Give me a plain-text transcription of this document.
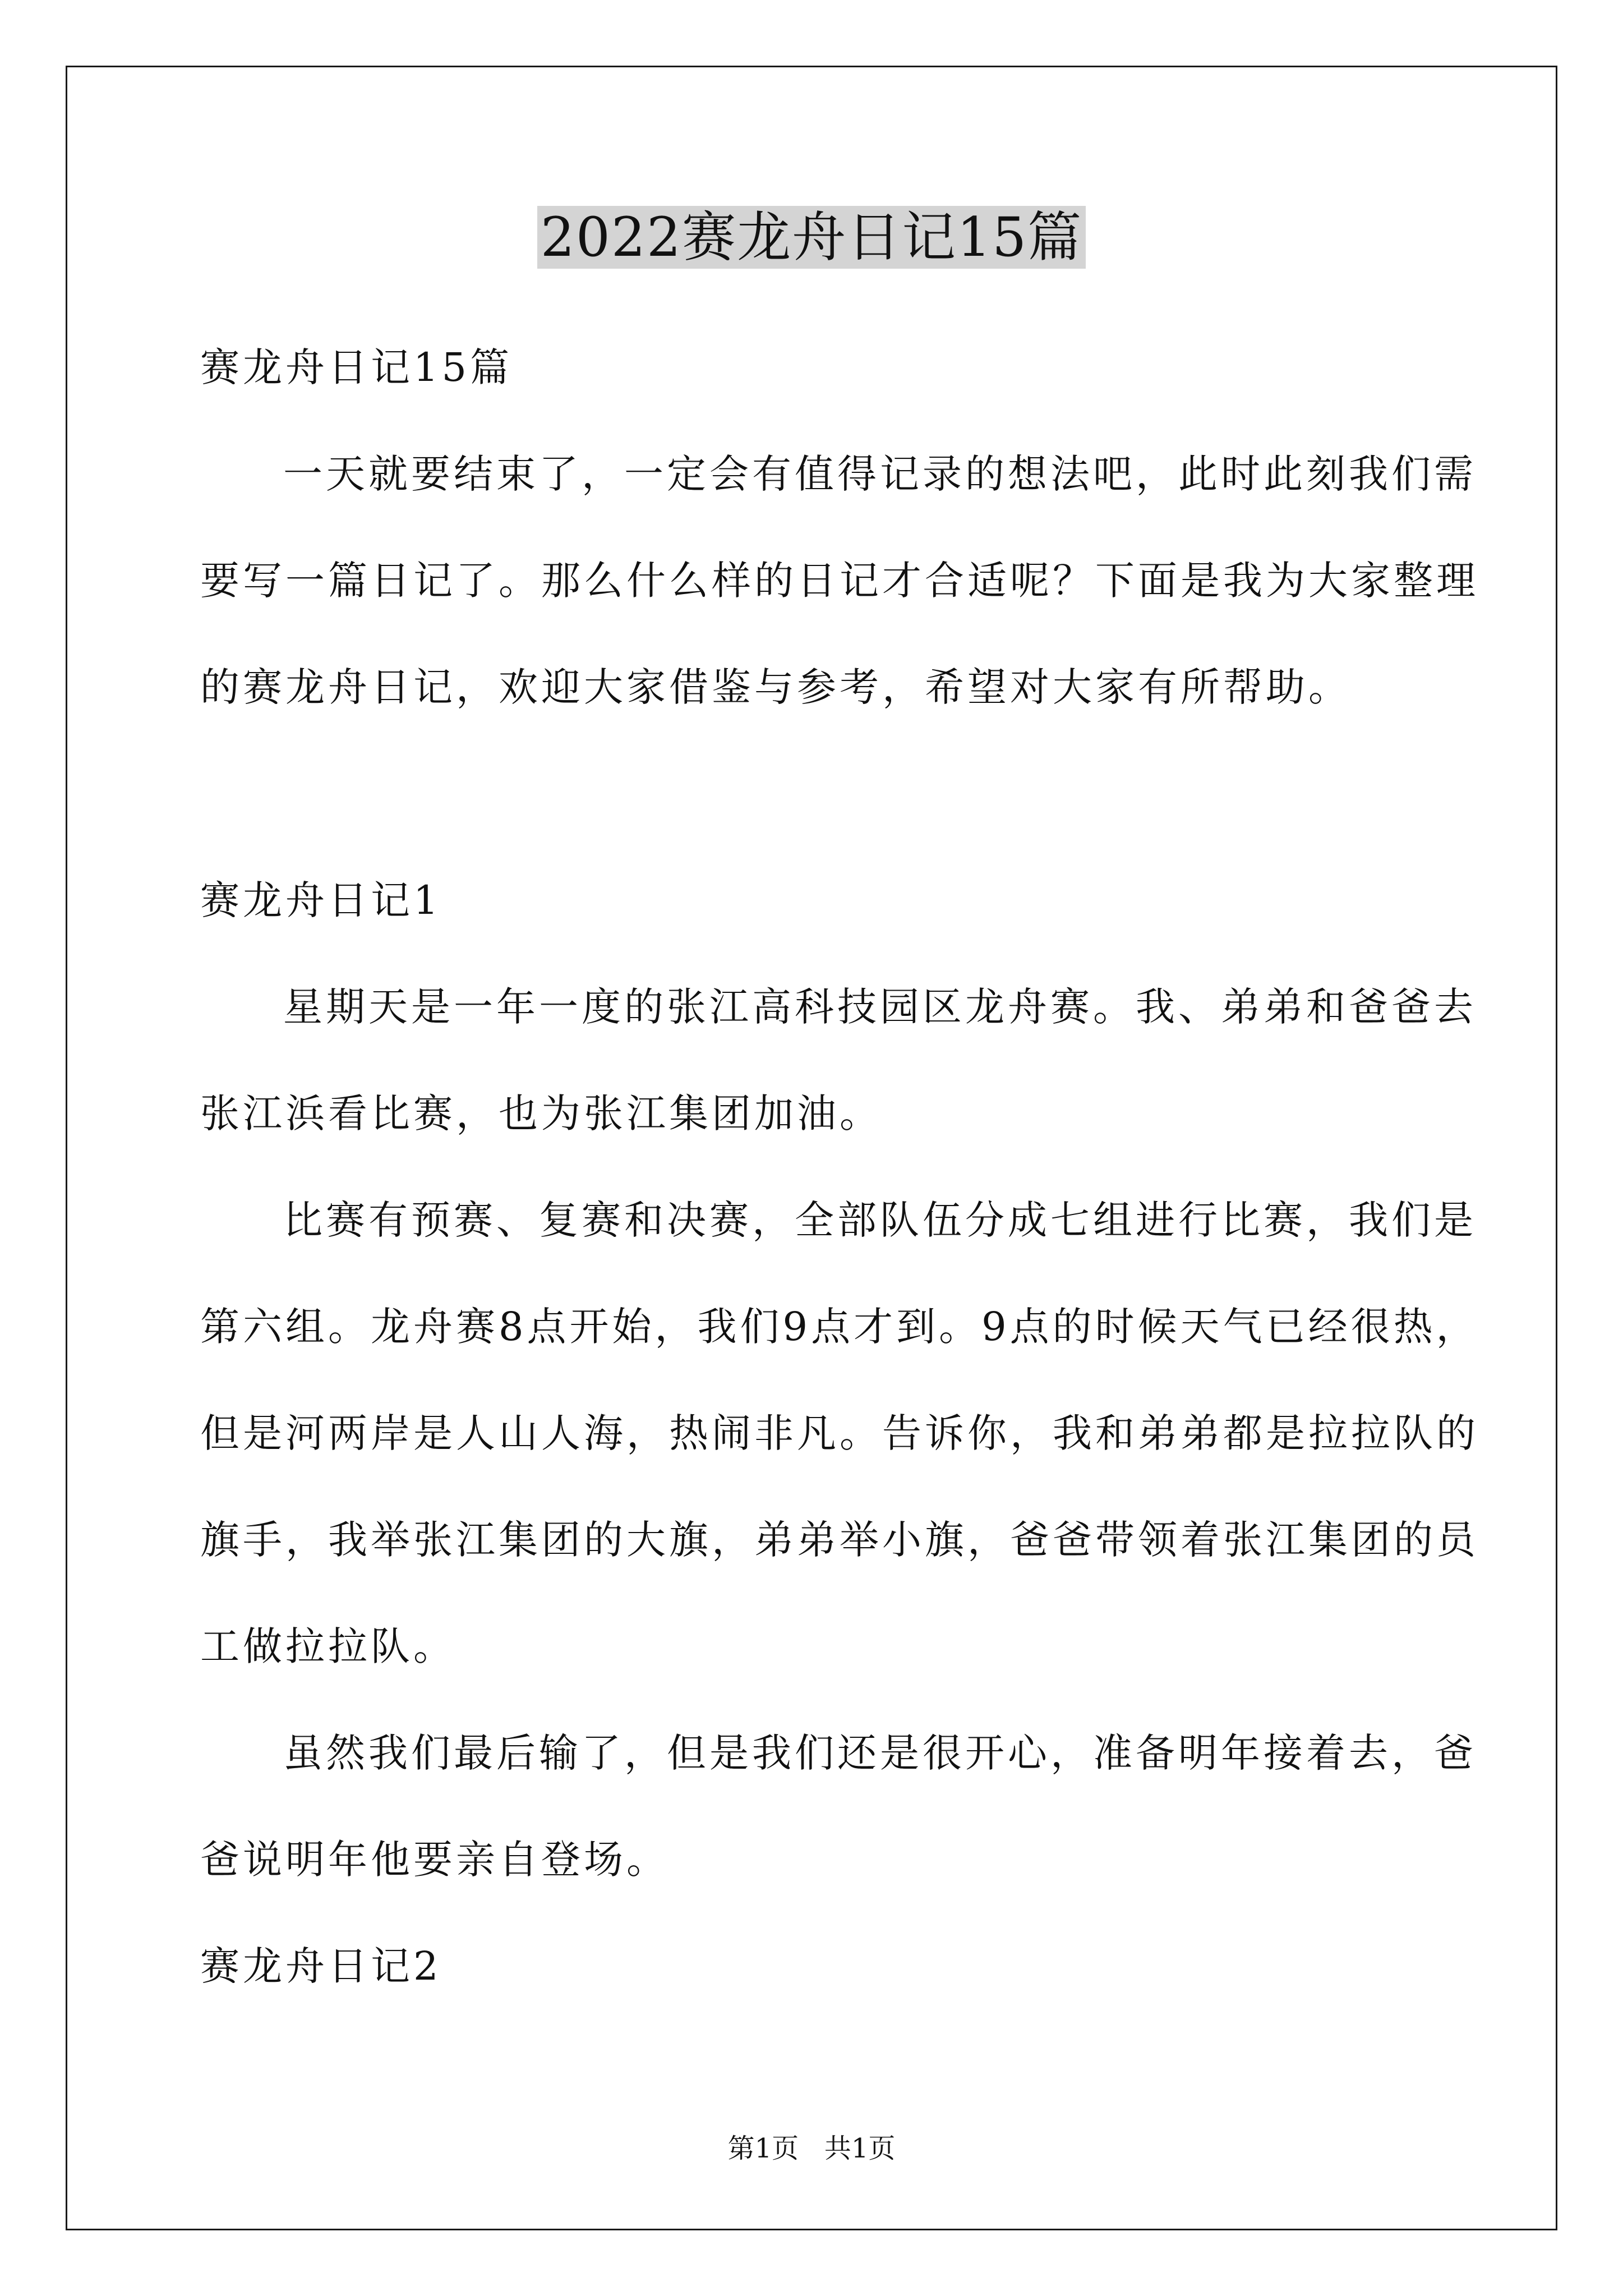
2022赛龙舟日记15篇
赛龙舟日记15篇
一天就要结束了，一定会有值得记录的想法吧，此时此刻我们需
要写一篇日记了。那么什么样的日记才合适呢？下面是我为大家整理
的赛龙舟日记，欢迎大家借鉴与参考，希望对大家有所帮助。
赛龙舟日记1
星期天是一年一度的张江高科技园区龙舟赛。我、弟弟和爸爸去
张江浜看比赛，也为张江集团加油。
比赛有预赛、复赛和决赛，全部队伍分成七组进行比赛，我们是
第六组。龙舟赛8点开始，我们9点才到。9点的时候天气已经很热，
但是河两岸是人山人海，热闹非凡。告诉你，我和弟弟都是拉拉队的
旗手，我举张江集团的大旗，弟弟举小旗，爸爸带领着张江集团的员
工做拉拉队。
虽然我们最后输了，但是我们还是很开心，准备明年接着去，爸
爸说明年他要亲自登场。
赛龙舟日记2
第1页 共1页
